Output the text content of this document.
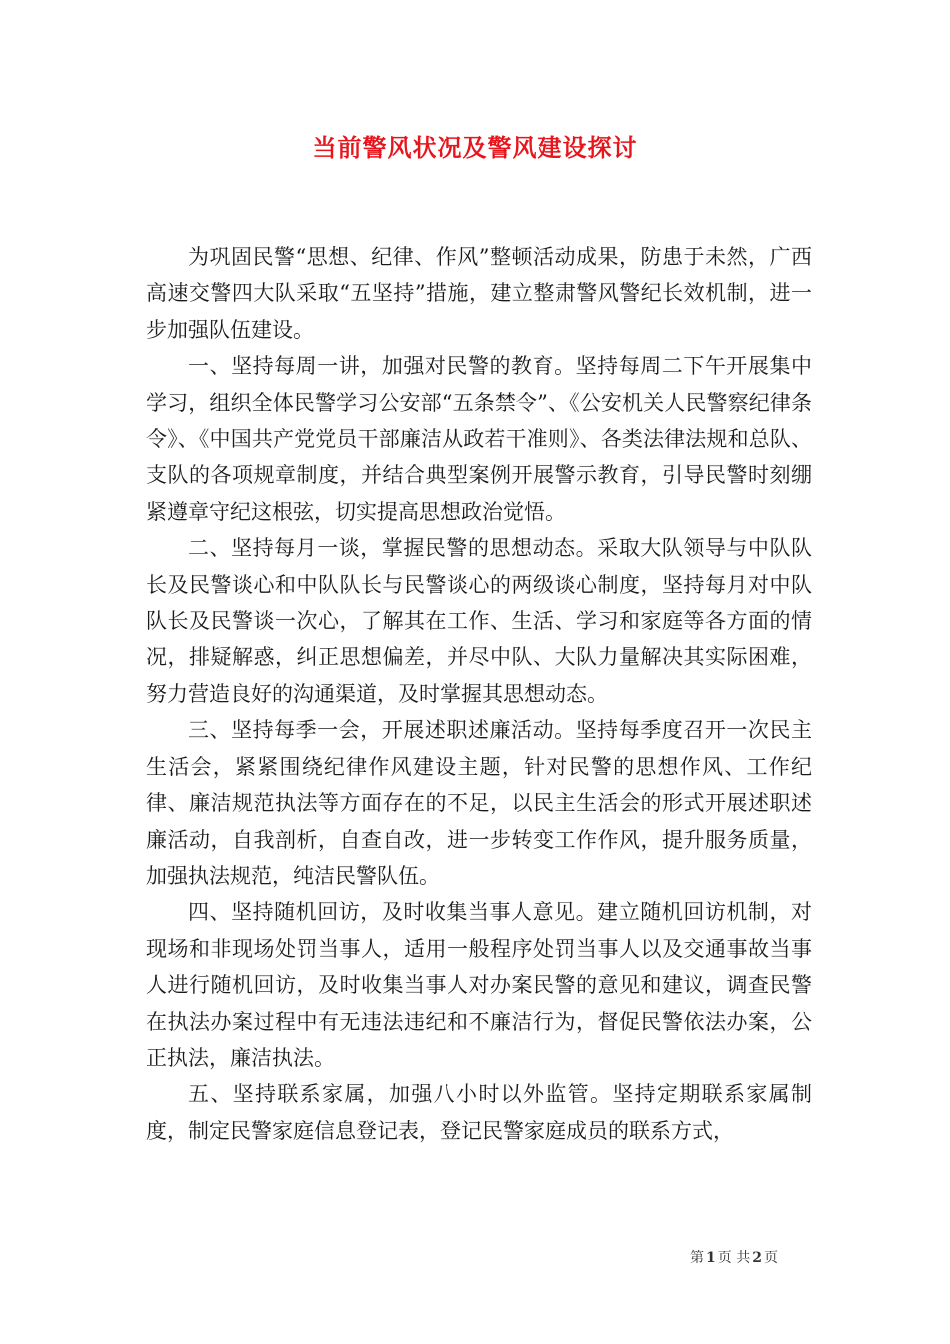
当前警风状况及警风建设探讨

为巩固民警“思想、纪律、作风”整顿活动成果，防患于未然，广西高速交警四大队采取“五坚持”措施，建立整肃警风警纪长效机制，进一步加强队伍建设。

一、坚持每周一讲，加强对民警的教育。坚持每周二下午开展集中学习，组织全体民警学习公安部“五条禁令”、《公安机关人民警察纪律条令》、《中国共产党党员干部廉洁从政若干准则》、各类法律法规和总队、支队的各项规章制度，并结合典型案例开展警示教育，引导民警时刻绷紧遵章守纪这根弦，切实提高思想政治觉悟。

二、坚持每月一谈，掌握民警的思想动态。采取大队领导与中队队长及民警谈心和中队队长与民警谈心的两级谈心制度，坚持每月对中队队长及民警谈一次心，了解其在工作、生活、学习和家庭等各方面的情况，排疑解惑，纠正思想偏差，并尽中队、大队力量解决其实际困难，努力营造良好的沟通渠道，及时掌握其思想动态。

三、坚持每季一会，开展述职述廉活动。坚持每季度召开一次民主生活会，紧紧围绕纪律作风建设主题，针对民警的思想作风、工作纪律、廉洁规范执法等方面存在的不足，以民主生活会的形式开展述职述廉活动，自我剖析，自查自改，进一步转变工作作风，提升服务质量，加强执法规范，纯洁民警队伍。

四、坚持随机回访，及时收集当事人意见。建立随机回访机制，对现场和非现场处罚当事人，适用一般程序处罚当事人以及交通事故当事人进行随机回访，及时收集当事人对办案民警的意见和建议，调查民警在执法办案过程中有无违法违纪和不廉洁行为，督促民警依法办案，公正执法，廉洁执法。

五、坚持联系家属，加强八小时以外监管。坚持定期联系家属制度，制定民警家庭信息登记表，登记民警家庭成员的联系方式，

第 1 页 共 2 页
